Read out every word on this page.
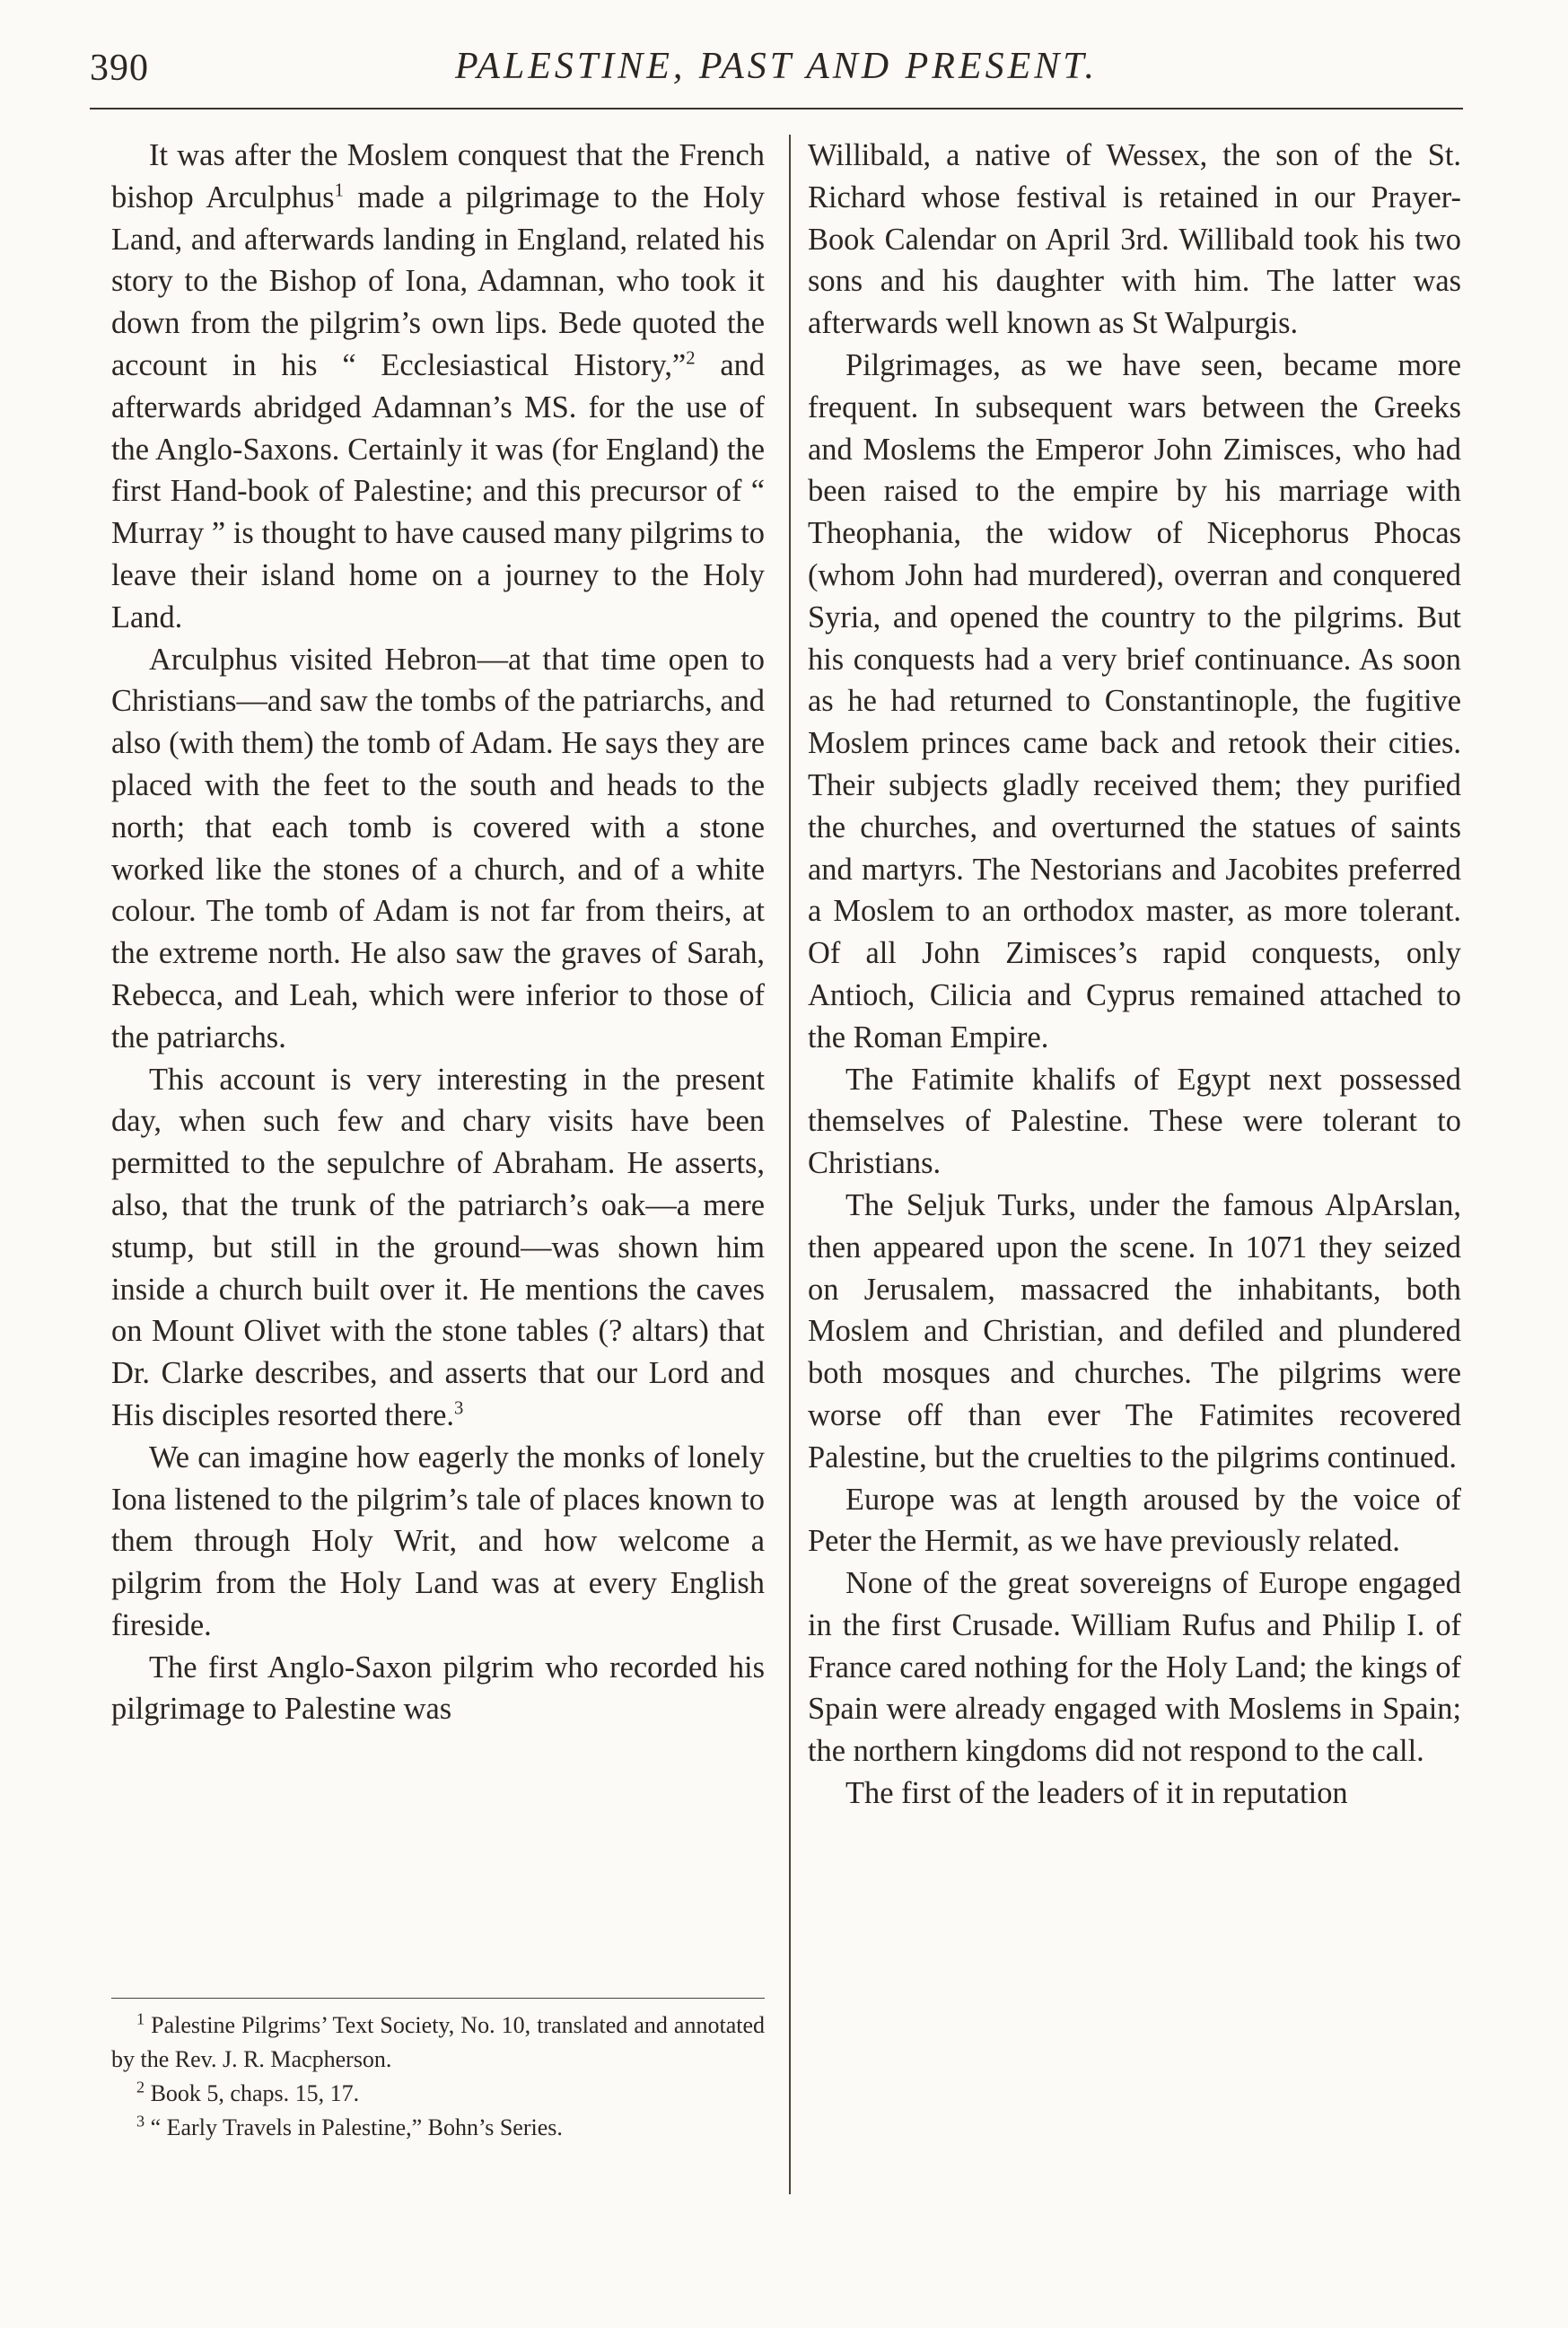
390	PALESTINE, PAST AND PRESENT.

It was after the Moslem conquest that the French bishop Arculphus$^1$ made a pilgrimage to the Holy Land, and afterwards landing in England, related his story to the Bishop of Iona, Adamnan, who took it down from the pilgrim’s own lips. Bede quoted the account in his “ Ecclesiastical History,”$^2$ and afterwards abridged Adamnan’s MS. for the use of the Anglo-Saxons. Certainly it was (for England) the first Hand-book of Palestine; and this precursor of “ Murray ” is thought to have caused many pilgrims to leave their island home on a journey to the Holy Land.

Arculphus visited Hebron—at that time open to Christians—and saw the tombs of the patriarchs, and also (with them) the tomb of Adam. He says they are placed with the feet to the south and heads to the north; that each tomb is covered with a stone worked like the stones of a church, and of a white colour. The tomb of Adam is not far from theirs, at the extreme north. He also saw the graves of Sarah, Rebecca, and Leah, which were inferior to those of the patriarchs.

This account is very interesting in the present day, when such few and chary visits have been permitted to the sepulchre of Abraham. He asserts, also, that the trunk of the patriarch’s oak—a mere stump, but still in the ground—was shown him inside a church built over it. He mentions the caves on Mount Olivet with the stone tables (? altars) that Dr. Clarke describes, and asserts that our Lord and His disciples resorted there.$^3$

We can imagine how eagerly the monks of lonely Iona listened to the pilgrim’s tale of places known to them through Holy Writ, and how welcome a pilgrim from the Holy Land was at every English fireside.

The first Anglo-Saxon pilgrim who recorded his pilgrimage to Palestine was

$^1$ Palestine Pilgrims’ Text Society, No. 10, translated and annotated by the Rev. J. R. Macpherson.

$^2$ Book 5, chaps. 15, 17.

$^3$ “ Early Travels in Palestine,” Bohn’s Series.

Willibald, a native of Wessex, the son of the St. Richard whose festival is retained in our Prayer-Book Calendar on April 3rd. Willibald took his two sons and his daughter with him. The latter was afterwards well known as St Walpurgis.

Pilgrimages, as we have seen, became more frequent. In subsequent wars between the Greeks and Moslems the Emperor John Zimisces, who had been raised to the empire by his marriage with Theophania, the widow of Nicephorus Phocas (whom John had murdered), overran and conquered Syria, and opened the country to the pilgrims. But his conquests had a very brief continuance. As soon as he had returned to Constantinople, the fugitive Moslem princes came back and retook their cities. Their subjects gladly received them; they purified the churches, and overturned the statues of saints and martyrs. The Nestorians and Jacobites preferred a Moslem to an orthodox master, as more tolerant. Of all John Zimisces’s rapid conquests, only Antioch, Cilicia and Cyprus remained attached to the Roman Empire.

The Fatimite khalifs of Egypt next possessed themselves of Palestine. These were tolerant to Christians.

The Seljuk Turks, under the famous AlpArslan, then appeared upon the scene. In 1071 they seized on Jerusalem, massacred the inhabitants, both Moslem and Christian, and defiled and plundered both mosques and churches. The pilgrims were worse off than ever The Fatimites recovered Palestine, but the cruelties to the pilgrims continued.

Europe was at length aroused by the voice of Peter the Hermit, as we have previously related.

None of the great sovereigns of Europe engaged in the first Crusade. William Rufus and Philip I. of France cared nothing for the Holy Land; the kings of Spain were already engaged with Moslems in Spain; the northern kingdoms did not respond to the call.

The first of the leaders of it in reputation
